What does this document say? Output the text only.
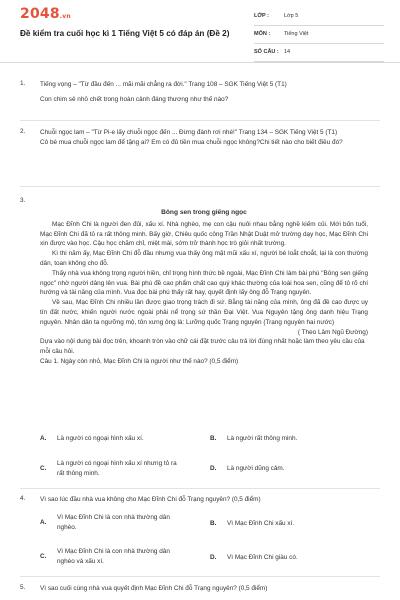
2048.vn
Đề kiểm tra cuối học kì 1 Tiếng Việt 5 có đáp án (Đề 2)
LỚP :	Lớp 5
MÔN :	Tiếng Việt
SỐ CÂU : 14
1. Tiếng vọng – "Từ đầu đến ... mãi mãi chẳng ra đời." Trang 108 – SGK Tiếng Việt 5 (T1)
Con chim sẻ nhỏ chết trong hoàn cảnh đáng thương như thế nào?
2. Chuỗi ngọc lam – "Từ Pi-e lấy chuỗi ngọc đến ... Đừng đánh rơi nhé!" Trang 134 – SGK Tiếng Việt 5 (T1)
Cô bé mua chuỗi ngọc lam để tặng ai? Em có đủ tiền mua chuỗi ngọc không?Chi tiết nào cho biết điều đó?
3.
Bông sen trong giếng ngọc

Mạc Đĩnh Chi là người đen đủi, xấu xí. Nhà nghèo, mẹ con cậu nuôi nhau bằng nghề kiếm củi. Mới bốn tuổi, Mạc Đĩnh Chi đã tỏ ra rất thông minh. Bấy giờ, Chiêu quốc công Trần Nhật Duật mở trường dạy học, Mạc Đĩnh Chi xin được vào học. Cậu học chăm chỉ, miệt mài, sớm trở thành học trò giỏi nhất trường.

Kì thi năm ấy, Mạc Đĩnh Chi đỗ đầu nhưng vua thấy ông mặt mũi xấu xí, người bé loắt choắt, lại là con thường dân, toan không cho đỗ.

Thấy nhà vua không trọng người hiền, chỉ trọng hình thức bề ngoài, Mạc Đĩnh Chi làm bài phú "Bông sen giếng ngọc" nhờ người dâng lên vua. Bài phú đề cao phẩm chất cao quý khác thường của loài hoa sen, cũng để tỏ rõ chí hướng và tài năng của mình. Vua đọc bài phú thấy rất hay, quyết định lấy ông đỗ Trạng nguyên.

Về sau, Mạc Đĩnh Chi nhiều lần được giao trọng trách đi sứ. Bằng tài năng của mình, ông đã đề cao được uy tín đất nước, khiến người nước ngoài phải nể trọng sứ thần Đại Việt. Vua Nguyên tặng ông danh hiệu Trạng nguyên. Nhân dân ta ngưỡng mộ, tôn xưng ông là: Lưỡng quốc Trạng nguyên (Trạng nguyên hai nước)

( Theo Lâm Ngũ Đường)

Dựa vào nội dung bài đọc trên, khoanh tròn vào chữ cái đặt trước câu trả lời đúng nhất hoặc làm theo yêu cầu của mỗi câu hỏi.

Câu 1. Ngày còn nhỏ, Mạc Đĩnh Chi là người như thế nào? (0,5 điểm)

A. Là người có ngoại hình xấu xí.	B. Là người rất thông minh.
C.
Là người có ngoại hình xấu xí nhưng tỏ ra
rất thông minh.
D. Là người dũng cảm.
4. Vì sao lúc đầu nhà vua không cho Mạc Đĩnh Chi đỗ Trạng nguyên? (0,5 điểm)
A.
Vì Mạc Đĩnh Chi là con nhà thường dân
nghèo.	B. Vì Mạc Đĩnh Chi xấu xí.
C.
Vì Mạc Đĩnh Chi là con nhà thường dân
nghèo và xấu xí.	D. Vì Mạc Đĩnh Chi giàu có.
5. Vì sao cuối cùng nhà vua quyết định Mạc Đĩnh Chi đỗ Trạng nguyên? (0,5 điểm)
